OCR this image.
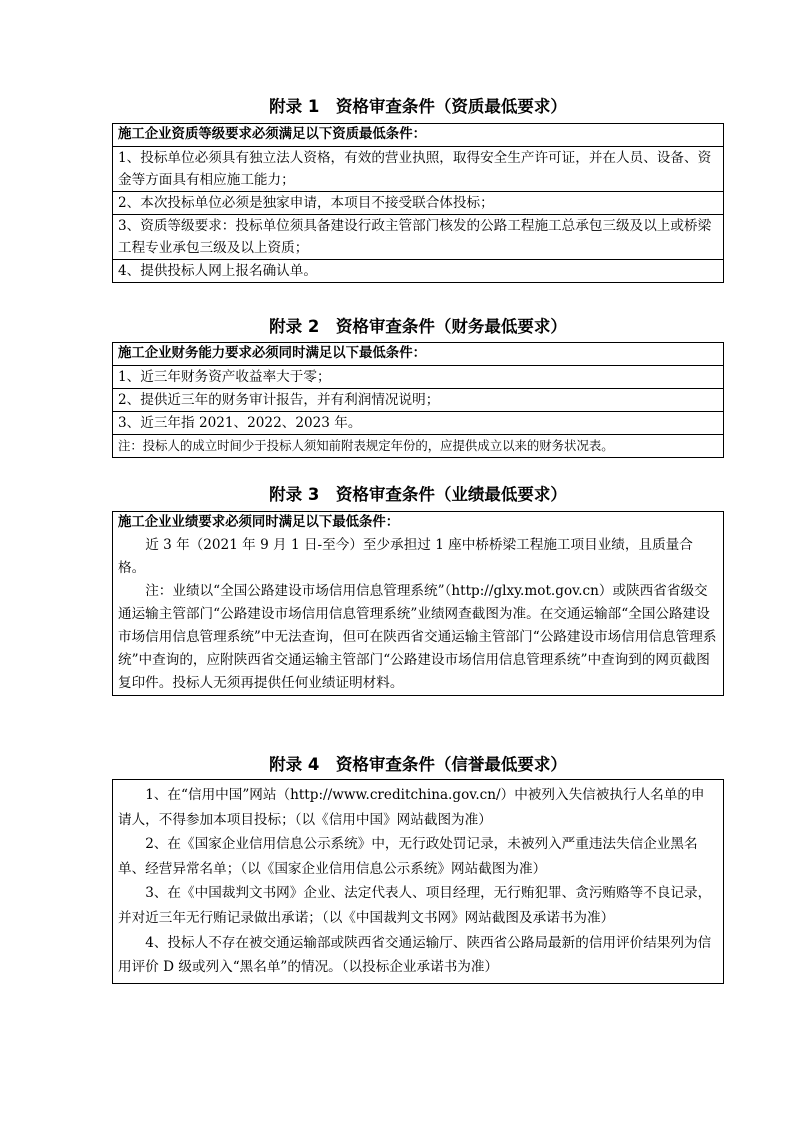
附录 1　资格审查条件（资质最低要求）
施工企业资质等级要求必须满足以下资质最低条件：
1、投标单位必须具有独立法人资格，有效的营业执照，取得安全生产许可证，并在人员、设备、资金等方面具有相应施工能力；
2、本次投标单位必须是独家申请，本项目不接受联合体投标；
3、资质等级要求：投标单位须具备建设行政主管部门核发的公路工程施工总承包三级及以上或桥梁工程专业承包三级及以上资质；
4、提供投标人网上报名确认单。
附录 2　资格审查条件（财务最低要求）
施工企业财务能力要求必须同时满足以下最低条件：
1、近三年财务资产收益率大于零；
2、提供近三年的财务审计报告，并有利润情况说明；
3、近三年指 2021、2022、2023 年。
注：投标人的成立时间少于投标人须知前附表规定年份的，应提供成立以来的财务状况表。
附录 3　资格审查条件（业绩最低要求）
施工企业业绩要求必须同时满足以下最低条件：

近 3 年（2021 年 9 月 1 日-至今）至少承担过 1 座中桥桥梁工程施工项目业绩，且质量合格。

注：业绩以“全国公路建设市场信用信息管理系统”（http://glxy.mot.gov.cn）或陕西省省级交通运输主管部门“公路建设市场信用信息管理系统”业绩网查截图为准。在交通运输部“全国公路建设市场信用信息管理系统”中无法查询，但可在陕西省交通运输主管部门“公路建设市场信用信息管理系统”中查询的，应附陕西省交通运输主管部门“公路建设市场信用信息管理系统”中查询到的网页截图复印件。投标人无须再提供任何业绩证明材料。

附录 4　资格审查条件（信誉最低要求）

1、在“信用中国”网站（http://www.creditchina.gov.cn/）中被列入失信被执行人名单的申请人，不得参加本项目投标；（以《信用中国》网站截图为准）

2、在《国家企业信用信息公示系统》中，无行政处罚记录，未被列入严重违法失信企业黑名单、经营异常名单；（以《国家企业信用信息公示系统》网站截图为准）

3、在《中国裁判文书网》企业、法定代表人、项目经理，无行贿犯罪、贪污贿赂等不良记录，并对近三年无行贿记录做出承诺；（以《中国裁判文书网》网站截图及承诺书为准）

4、投标人不存在被交通运输部或陕西省交通运输厅、陕西省公路局最新的信用评价结果列为信用评价 D 级或列入“黑名单”的情况。（以投标企业承诺书为准）
